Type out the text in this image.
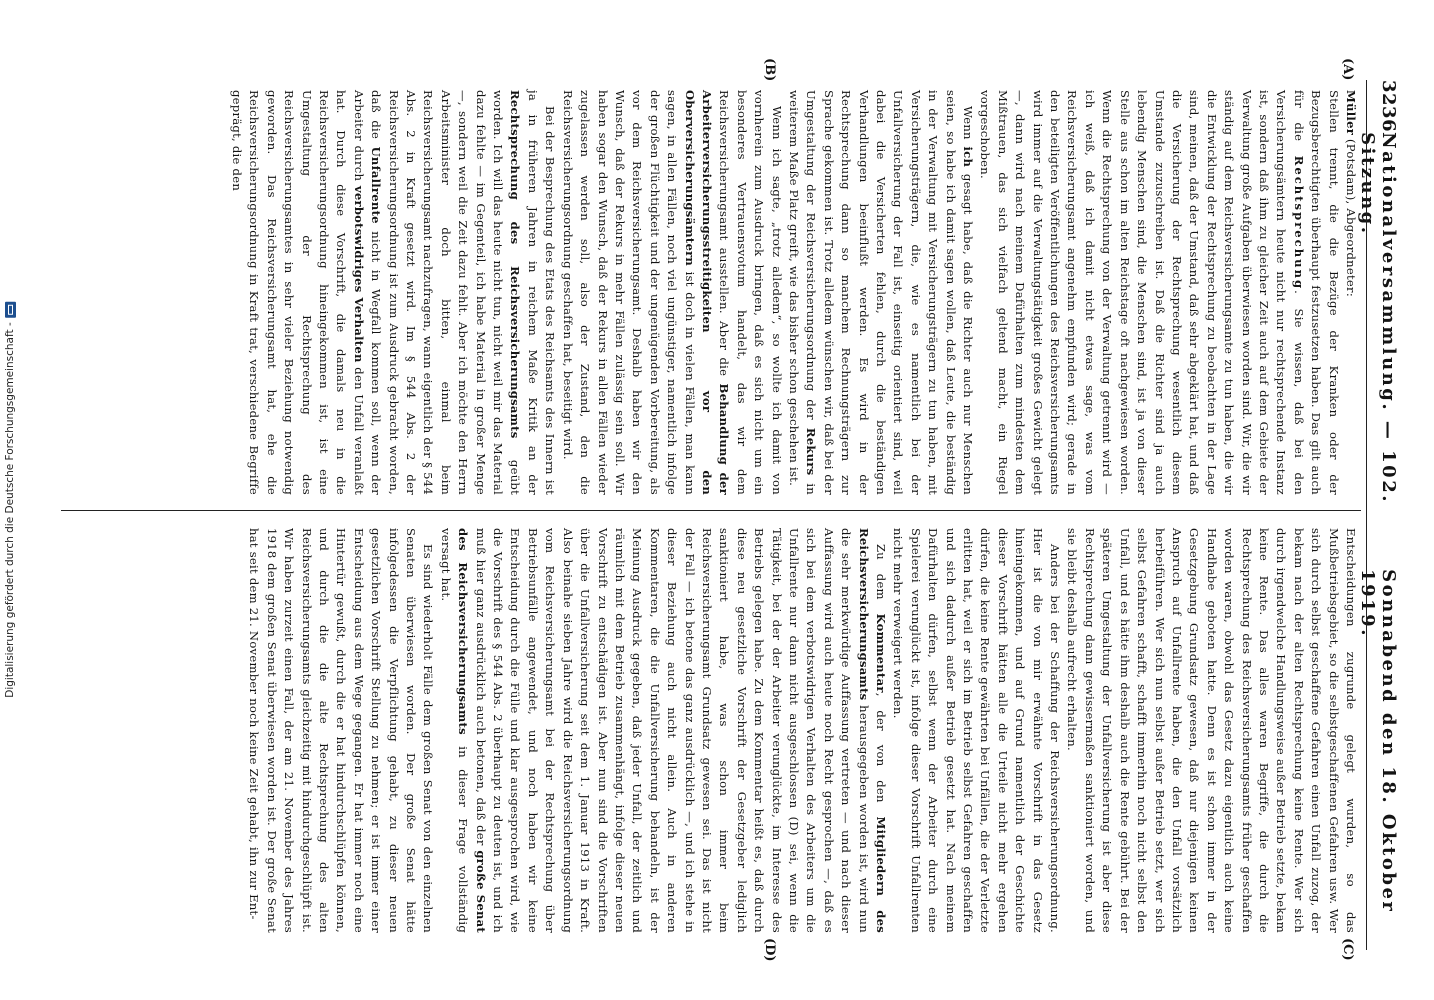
Digitalisierung gefördert durch die Deutsche Forschungsgemeinschaft -
3236
Nationalversammlung. — 102. Sitzung.
Sonnabend den 18. Oktober 1919.
(A)
(B)
(C)
(D)

Müller (Potsdam), Abgeordneter:

Stellen trennt, die die Bezüge der Kranken oder der Bezugsberechtigten überhaupt festzusetzen haben. Das gilt auch für die Rechtsprechung. Sie wissen, daß bei den Versicherungsämtern heute nicht nur rechtsprechende Instanz ist, sondern daß ihm zu gleicher Zeit auch auf dem Gebiete der Verwaltung große Aufgaben überwiesen worden sind. Wir, die wir ständig auf dem Reichsversicherungsamte zu tun haben, die wir die Entwicklung der Rechtsprechung zu beobachten in der Lage sind, meinen, daß der Umstand, daß sehr abgeklärt hat, und daß die Versicherung der Rechtsprechung wesentlich diesem Umstande zuzuschreiben ist. Daß die Richter sind ja auch lebendig Menschen sind, die Menschen sind, ist ja von dieser Stelle aus schon im alten Reichstage oft nachgewiesen worden. Wenn die Rechtsprechung von der Verwaltung getrennt wird — ich weiß, daß ich damit nicht etwas sage, was vom Reichsversicherungsamt angenehm empfunden wird; gerade in den beteiligten Veröffentlichungen des Reichsversicherungsamts wird immer auf die Verwaltungstätigkeit großes Gewicht gelegt —, dann wird nach meinem Dafürhalten zum mindesten dem Mißtrauen, das sich vielfach geltend macht, ein Riegel vorgeschoben.

Wenn ich gesagt habe, daß die Richter auch nur Menschen seien, so habe ich damit sagen wollen, daß Leute, die beständig in der Verwaltung mit Versicherungsträgern zu tun haben, mit Versicherungsträgern, die, wie es namentlich bei der Unfallversicherung der Fall ist, einseitig orientiert sind, weil dabei die Versicherten fehlen, durch die beständigen Verhandlungen beeinflußt werden. Es wird in der Rechtsprechung dann so manchem Rechnungsträgern zur Sprache gekommen ist. Trotz alledem wünschen wir, daß bei der Umgestaltung der Reichsversicherungsordnung der Rekurs in weiterem Maße Platz greift, wie das bisher schon geschehen ist.

Wenn ich sagte, „trotz alledem“, so wollte ich damit von vornherein zum Ausdruck bringen, daß es sich nicht um ein besonderes Vertrauensvotum handelt, das wir dem Reichsversicherungsamt ausstellen. Aber die Behandlung der Arbeiterversicherungsstreitigkeiten vor den Oberversicherungsämtern ist doch in vielen Fällen, man kann sagen, in allen Fällen, noch viel ungünstiger, namentlich infolge der großen Flüchtigkeit und der ungenügenden Vorbereitung, als vor dem Reichsversicherungsamt. Deshalb haben wir den Wunsch, daß der Rekurs in mehr Fällen zulässig sein soll. Wir haben sogar den Wunsch, daß der Rekurs in allen Fällen wieder zugelassen werden soll, also der Zustand, den die Reichsversicherungsordnung geschaffen hat, beseitigt wird.

Bei der Besprechung des Etats des Reichsamts des Innern ist ja in früheren Jahren in reichem Maße Kritik an der Rechtsprechung des Reichsversicherungsamts geübt worden. Ich will das heute nicht tun, nicht weil mir das Material dazu fehlte — im Gegenteil, ich habe Material in großer Menge —, sondern weil die Zeit dazu fehlt. Aber ich möchte den Herrn Arbeitsminister doch bitten, einmal beim Reichsversicherungsamt nachzufragen, wann eigentlich der § 544 Abs. 2 in Kraft gesetzt wird. Im § 544 Abs. 2 der Reichsversicherungsordnung ist zum Ausdruck gebracht worden, daß die Unfallrente nicht in Wegfall kommen soll, wenn der Arbeiter durch verbotswidriges Verhalten den Unfall veranlaßt hat. Durch diese Vorschrift, die damals neu in die Reichsversicherungsordnung hineingekommen ist, ist eine Umgestaltung der Rechtsprechung des Reichsversicherungsamtes in sehr vieler Beziehung notwendig geworden. Das Reichsversicherungsamt hat, ehe die Reichsversicherungsordnung in Kraft trat, verschiedene Begriffe geprägt, die den

Entscheidungen zugrunde gelegt wurden, so das Mußbetriebsgebiet, so die selbstgeschaffenen Gefahren usw. Wer sich durch selbst geschaffene Gefahren einen Unfall zuzog, der bekam nach der alten Rechtsprechung keine Rente. Wer sich durch irgendwelche Handlungsweise außer Betrieb setzte, bekam keine Rente. Das alles waren Begriffe, die durch die Rechtsprechung des Reichsversicherungsamts früher geschaffen worden waren, obwohl das Gesetz dazu eigentlich auch keine Handhabe geboten hatte. Denn es ist schon immer in der Gesetzgebung Grundsatz gewesen, daß nur diejenigen keinen Anspruch auf Unfallrente haben, die den Unfall vorsätzlich herbeiführen. Wer sich nun selbst außer Betrieb setzt, wer sich selbst Gefahren schafft, schafft immerhin noch nicht selbst den Unfall, und es hätte ihm deshalb auch die Rente gebührt. Bei der späteren Umgestaltung der Unfallversicherung ist aber diese Rechtsprechung dann gewissermaßen sanktioniert worden, und sie bleibt deshalb aufrecht erhalten.

Anders bei der Schaffung der Reichsversicherungsordnung. Hier ist die von mir erwähnte Vorschrift in das Gesetz hineingekommen, und auf Grund namentlich der Geschichte dieser Vorschrift hätten alle die Urteile nicht mehr ergehen dürfen, die keine Rente gewährten bei Unfällen, die der Verletzte erlitten hat, weil er sich im Betrieb selbst Gefahren geschaffen und sich dadurch außer Betrieb gesetzt hat. Nach meinem Dafürhalten dürfen, selbst wenn der Arbeiter durch eine Spielerei verunglückt ist, infolge dieser Vorschrift Unfallrenten nicht mehr verweigert werden.

Zu dem Kommentar, der von den Mitgliedern des Reichsversicherungsamts herausgegeben worden ist, wird nun die sehr merkwürdige Auffassung vertreten — und nach dieser Auffassung wird auch heute noch Recht gesprochen —, daß es sich bei dem verbotswidrigen Verhalten des Arbeiters um die Unfallrente nur dann nicht ausgeschlossen (D) sei, wenn die Tätigkeit, bei der der Arbeiter verunglückte, im Interesse des Betriebs gelegen habe. Zu dem Kommentar heißt es, daß durch diese neu gesetzliche Vorschrift der Gesetzgeber lediglich sanktioniert habe, was schon immer beim Reichsversicherungsamt Grundsatz gewesen sei. Das ist nicht der Fall — ich betone das ganz ausdrücklich —, und ich stehe in dieser Beziehung auch nicht allein. Auch in anderen Kommentaren, die die Unfallversicherung behandeln, ist der Meinung Ausdruck gegeben, daß jeder Unfall, der zeitlich und räumlich mit dem Betrieb zusammenhängt, infolge dieser neuen Vorschrift zu entschädigen ist. Aber nun sind die Vorschriften über die Unfallversicherung seit dem 1. Januar 1913 in Kraft. Also beinahe sieben Jahre wird die Reichsversicherungsordnung vom Reichsversicherungsamt bei der Rechtsprechung über Betriebsunfälle angewendet, und noch haben wir keine Entscheidung durch die Fülle und klar ausgesprochen wird, wie die Vorschrift des § 544 Abs. 2 überhaupt zu deuten ist, und ich muß hier ganz ausdrücklich auch betonen, daß der große Senat des Reichsversicherungsamts in dieser Frage vollständig versagt hat.

Es sind wiederholt Fälle dem großen Senat von den einzelnen Senaten überwiesen worden. Der große Senat hätte infolgedessen die Verpflichtung gehabt, zu dieser neuen gesetzlichen Vorschrift Stellung zu nehmen; er ist immer einer Entscheidung aus dem Wege gegangen. Er hat immer noch eine Hintertür gewußt, durch die er hat hindurchschlüpfen können, und durch die die alte Rechtsprechung des alten Reichsversicherungsamts gleichzeitig mit hindurchgeschlüpft ist. Wir haben zurzeit einen Fall, der am 21. November des Jahres 1918 dem großen Senat überwiesen worden ist. Der große Senat hat seit dem 21. November noch keine Zeit gehabt, ihn zur Ent-
